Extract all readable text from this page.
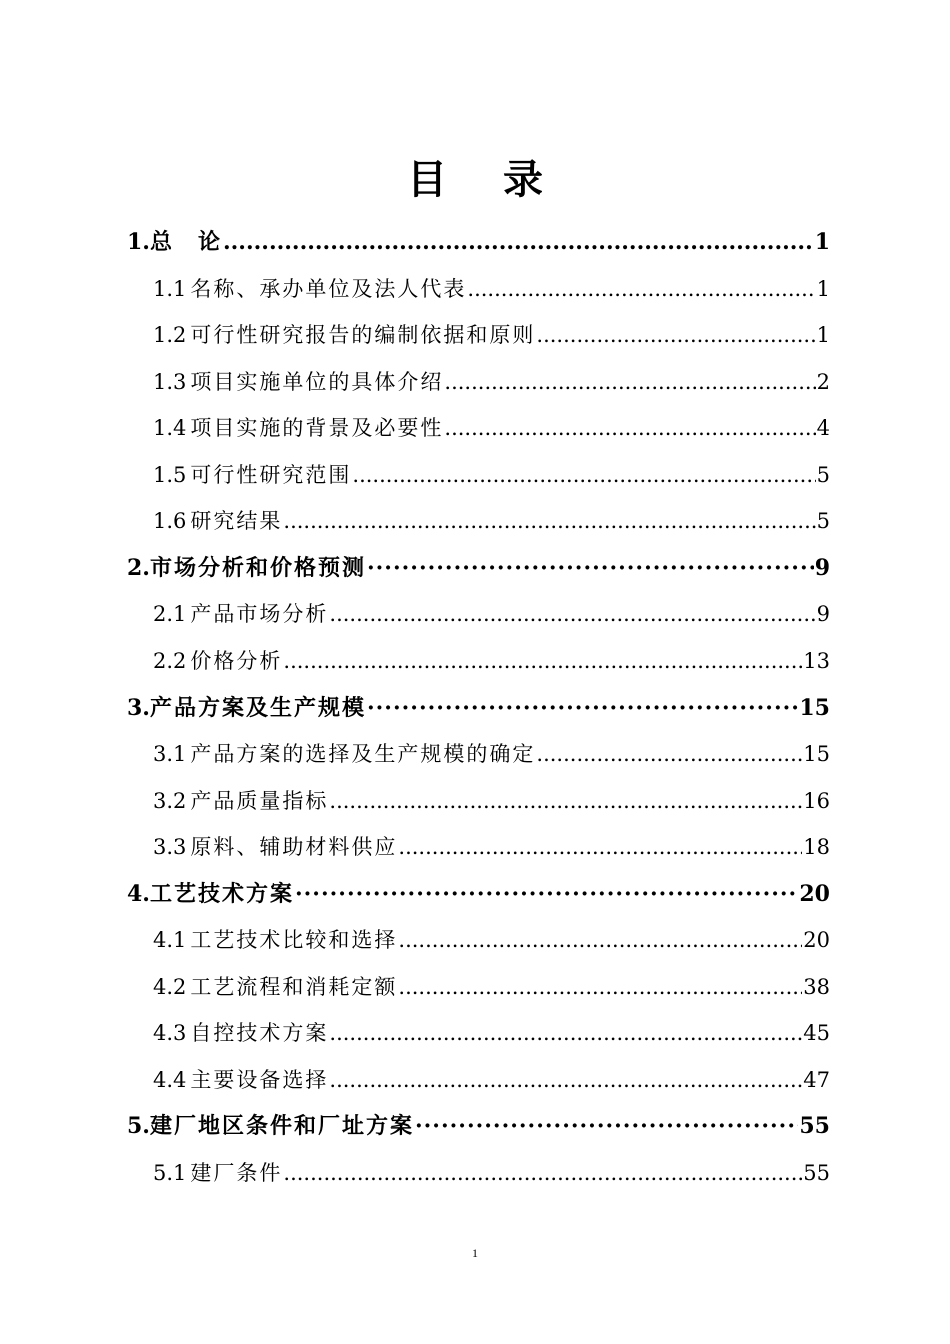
目 录
1. 总　论 .....	1
1.1 名称、承办单位及法人代表 .....	1
1.2 可行性研究报告的编制依据和原则 .....	1
1.3 项目实施单位的具体介绍 .....	2
1.4 项目实施的背景及必要性 .....	4
1.5 可行性研究范围 .....	5
1.6 研究结果 .....	5
2. 市场分析和价格预测 ·····	9
2.1 产品市场分析 .....	9
2.2 价格分析 .....	13
3. 产品方案及生产规模 ·····	15
3.1 产品方案的选择及生产规模的确定 .....	15
3.2 产品质量指标 .....	16
3.3 原料、辅助材料供应 .....	18
4. 工艺技术方案 ·····	20
4.1 工艺技术比较和选择 .....	20
4.2 工艺流程和消耗定额 .....	38
4.3 自控技术方案 .....	45
4.4 主要设备选择 .....	47
5. 建厂地区条件和厂址方案 ·····	55
5.1 建厂条件 .....	55
1
